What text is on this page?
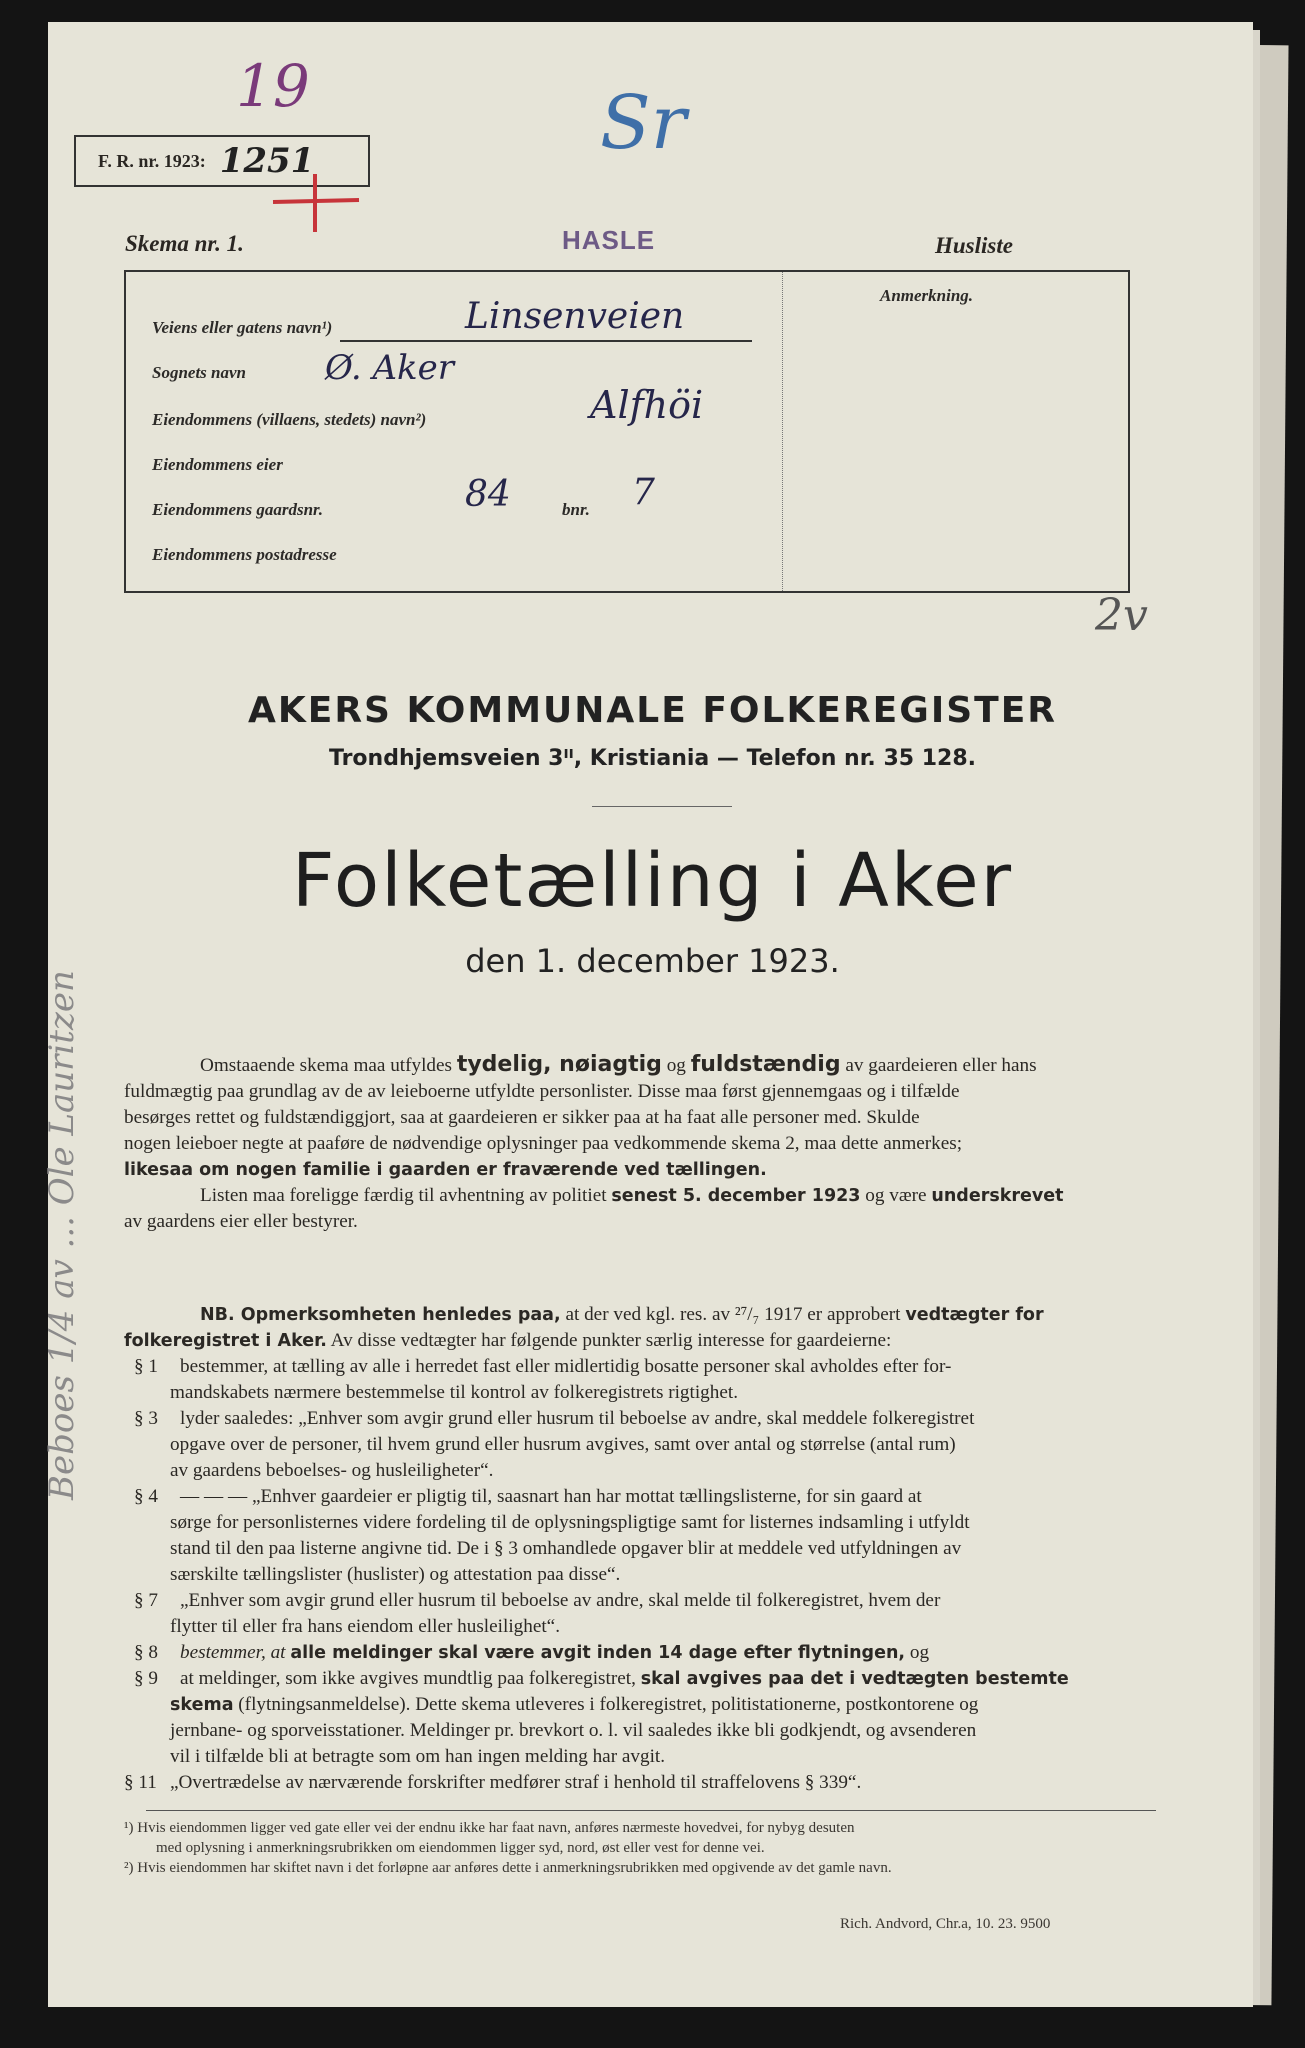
19	Sr
2v
Beboes 1/4 av ... Ole Lauritzen
F. R. nr. 1923: 1251
Skema nr. 1.	HASLE	Husliste
Anmerkning.
Veiens eller gatens navn¹)	Linsenveien
Sognets navn Ø. Aker
Eiendommens (villaens, stedets) navn²)	Alfhöi
Eiendommens eier
Eiendommens gaardsnr.	84	bnr. 7
Eiendommens postadresse
AKERS KOMMUNALE FOLKEREGISTER
Trondhjemsveien 3ᴵᴵ, Kristiania — Telefon nr. 35 128.
Folketælling i Aker
den 1. december 1923.
Omstaaende skema maa utfyldes tydelig, nøiagtig og fuldstændig av gaardeieren eller hans
fuldmægtig paa grundlag av de av leieboerne utfyldte personlister. Disse maa først gjennemgaas og i tilfælde
besørges rettet og fuldstændiggjort, saa at gaardeieren er sikker paa at ha faat alle personer med. Skulde
nogen leieboer negte at paaføre de nødvendige oplysninger paa vedkommende skema 2, maa dette anmerkes;
likesaa om nogen familie i gaarden er fraværende ved tællingen.
Listen maa foreligge færdig til avhentning av politiet senest 5. december 1923 og være underskrevet
av gaardens eier eller bestyrer.
NB. Opmerksomheten henledes paa, at der ved kgl. res. av ²⁷/₇ 1917 er approbert vedtægter for
folkeregistret i Aker. Av disse vedtægter har følgende punkter særlig interesse for gaardeierne:
§ 1	bestemmer, at tælling av alle i herredet fast eller midlertidig bosatte personer skal avholdes efter for-
mandskabets nærmere bestemmelse til kontrol av folkeregistrets rigtighet.
§ 3	lyder saaledes: „Enhver som avgir grund eller husrum til beboelse av andre, skal meddele folkeregistret
opgave over de personer, til hvem grund eller husrum avgives, samt over antal og størrelse (antal rum)
av gaardens beboelses- og husleiligheter“.
§ 4	— — — „Enhver gaardeier er pligtig til, saasnart han har mottat tællingslisterne, for sin gaard at
sørge for personlisternes videre fordeling til de oplysningspligtige samt for listernes indsamling i utfyldt
stand til den paa listerne angivne tid. De i § 3 omhandlede opgaver blir at meddele ved utfyldningen av
særskilte tællingslister (huslister) og attestation paa disse“.
§ 7	„Enhver som avgir grund eller husrum til beboelse av andre, skal melde til folkeregistret, hvem der
flytter til eller fra hans eiendom eller husleilighet“.
§ 8	bestemmer, at alle meldinger skal være avgit inden 14 dage efter flytningen, og
§ 9	at meldinger, som ikke avgives mundtlig paa folkeregistret, skal avgives paa det i vedtægten bestemte
skema (flytningsanmeldelse). Dette skema utleveres i folkeregistret, politistationerne, postkontorene og
jernbane- og sporveisstationer. Meldinger pr. brevkort o. l. vil saaledes ikke bli godkjendt, og avsenderen
vil i tilfælde bli at betragte som om han ingen melding har avgit.
§ 11 „Overtrædelse av nærværende forskrifter medfører straf i henhold til straffelovens § 339“.
¹) Hvis eiendommen ligger ved gate eller vei der endnu ikke har faat navn, anføres nærmeste hovedvei, for nybyg desuten
med oplysning i anmerkningsrubrikken om eiendommen ligger syd, nord, øst eller vest for denne vei.
²) Hvis eiendommen har skiftet navn i det forløpne aar anføres dette i anmerkningsrubrikken med opgivende av det gamle navn.
Rich. Andvord, Chr.a, 10. 23. 9500
